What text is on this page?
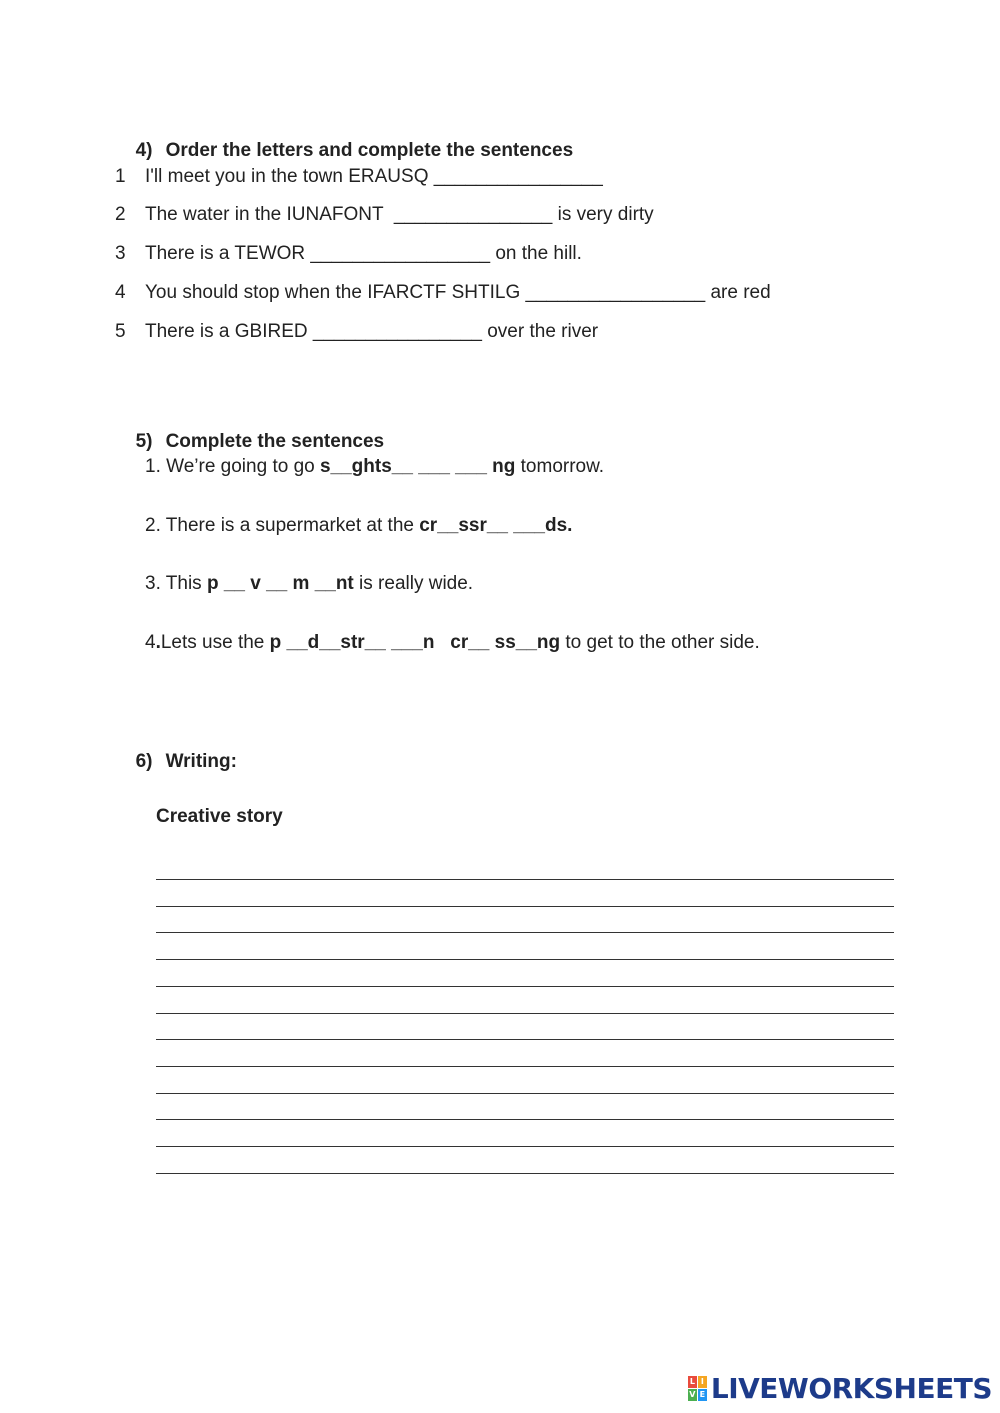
4) Order the letters and complete the sentences

1 I'll meet you in the town ERAUSQ ________________
2 The water in the IUNAFONT  _______________ is very dirty
3 There is a TEWOR _________________ on the hill.
4 You should stop when the IFARCTF SHTILG _________________ are red
5 There is a GBIRED ________________ over the river

5) Complete the sentences

1. We’re going to go s__ghts__ ___ ___ ng tomorrow.
2. There is a supermarket at the cr__ssr__ ___ds.
3. This p __ v __ m __nt is really wide.
4.Lets use the p __d__str__ ___n   cr__ ss__ng to get to the other side.

6) Writing:

Creative story
L I
V E LIVEWORKSHEETS
